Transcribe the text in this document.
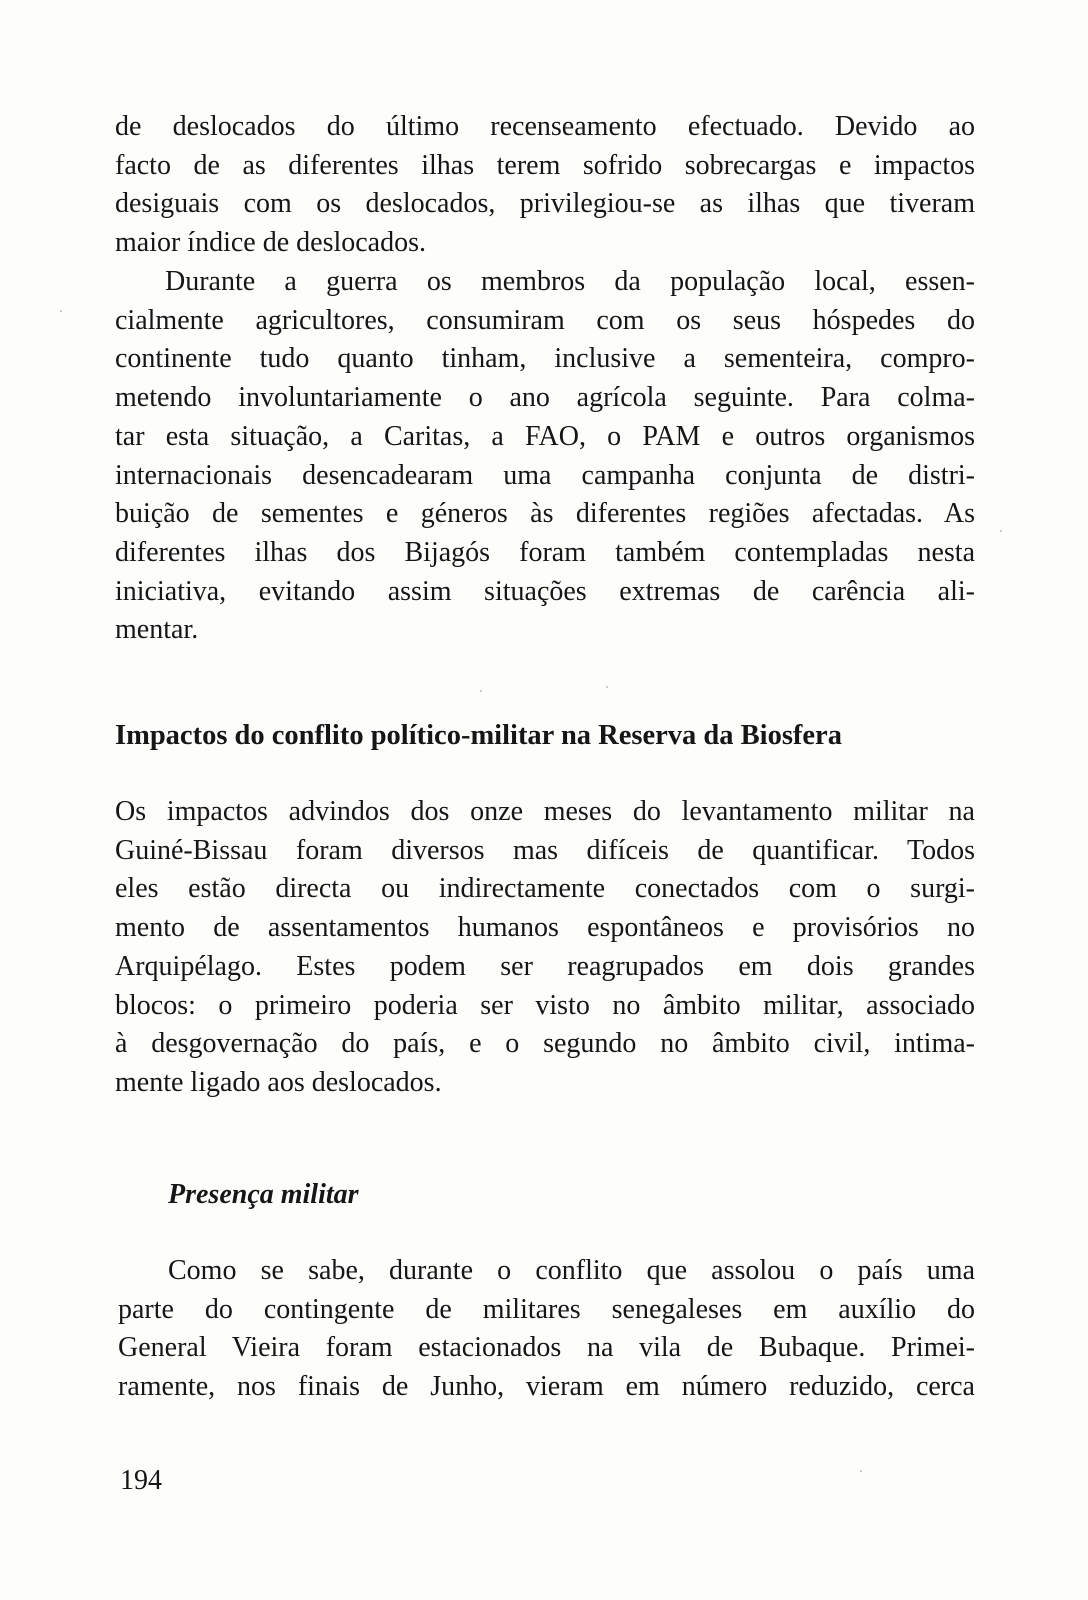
de deslocados do último recenseamento efectuado. Devido ao
facto de as diferentes ilhas terem sofrido sobrecargas e impactos
desiguais com os deslocados, privilegiou-se as ilhas que tiveram
maior índice de deslocados.

Durante a guerra os membros da população local, essen-
cialmente agricultores, consumiram com os seus hóspedes do
continente tudo quanto tinham, inclusive a sementeira, compro-
metendo involuntariamente o ano agrícola seguinte. Para colma-
tar esta situação, a Caritas, a FAO, o PAM e outros organismos
internacionais desencadearam uma campanha conjunta de distri-
buição de sementes e géneros às diferentes regiões afectadas. As
diferentes ilhas dos Bijagós foram também contempladas nesta
iniciativa, evitando assim situações extremas de carência ali-
mentar.

Impactos do conflito político-militar na Reserva da Biosfera

Os impactos advindos dos onze meses do levantamento militar na
Guiné-Bissau foram diversos mas difíceis de quantificar. Todos
eles estão directa ou indirectamente conectados com o surgi-
mento de assentamentos humanos espontâneos e provisórios no
Arquipélago. Estes podem ser reagrupados em dois grandes
blocos: o primeiro poderia ser visto no âmbito militar, associado
à desgovernação do país, e o segundo no âmbito civil, intima-
mente ligado aos deslocados.

Presença militar

Como se sabe, durante o conflito que assolou o país uma
parte do contingente de militares senegaleses em auxílio do
General Vieira foram estacionados na vila de Bubaque. Primei-
ramente, nos finais de Junho, vieram em número reduzido, cerca

194
